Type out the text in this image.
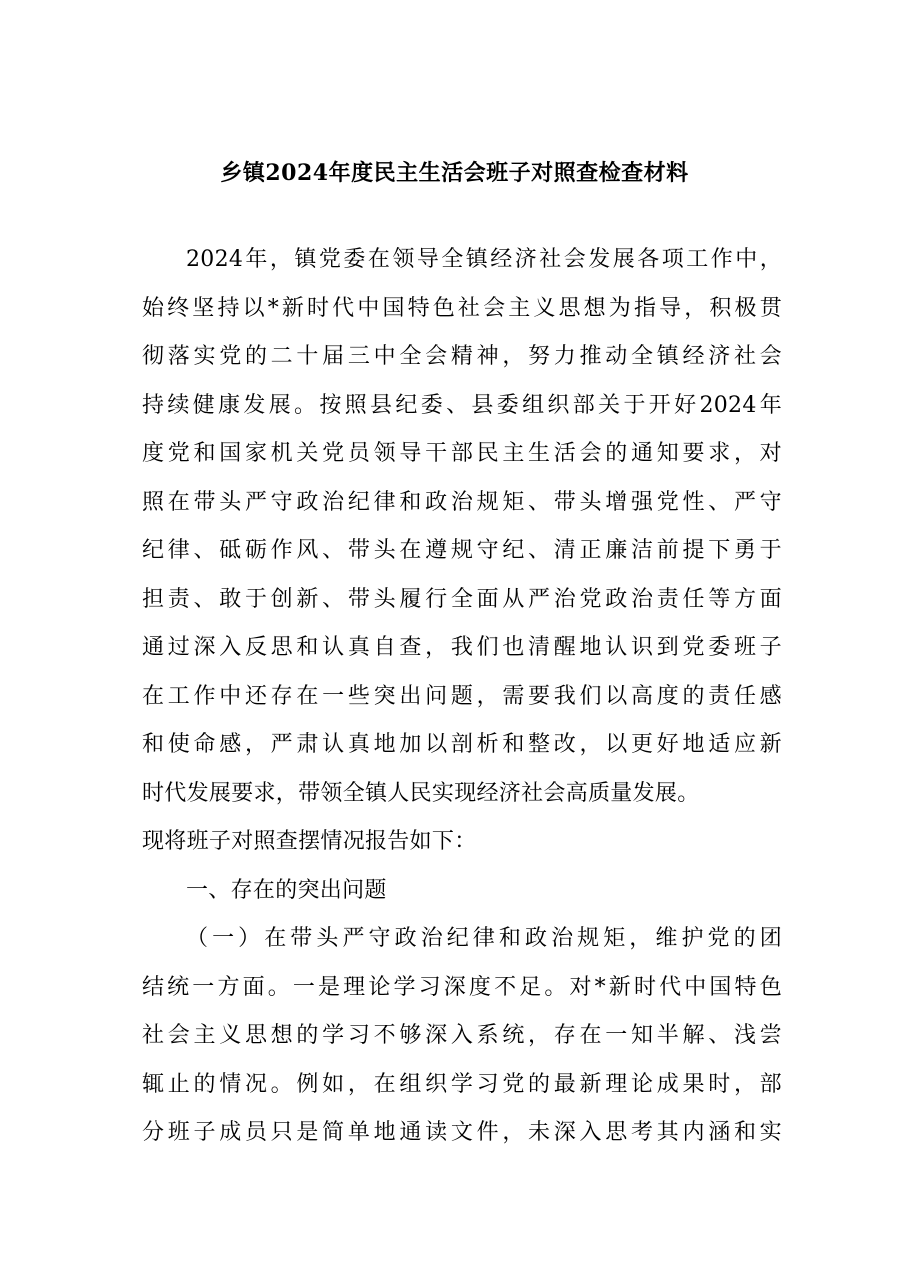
乡镇2024年度民主生活会班子对照查检查材料
2024年，镇党委在领导全镇经济社会发展各项工作中，
始终坚持以*新时代中国特色社会主义思想为指导，积极贯
彻落实党的二十届三中全会精神，努力推动全镇经济社会
持续健康发展。按照县纪委、县委组织部关于开好2024年
度党和国家机关党员领导干部民主生活会的通知要求，对
照在带头严守政治纪律和政治规矩、带头增强党性、严守
纪律、砥砺作风、带头在遵规守纪、清正廉洁前提下勇于
担责、敢于创新、带头履行全面从严治党政治责任等方面
通过深入反思和认真自查，我们也清醒地认识到党委班子
在工作中还存在一些突出问题，需要我们以高度的责任感
和使命感，严肃认真地加以剖析和整改，以更好地适应新
时代发展要求，带领全镇人民实现经济社会高质量发展。
现将班子对照查摆情况报告如下：
一、存在的突出问题
（一）在带头严守政治纪律和政治规矩，维护党的团
结统一方面。一是理论学习深度不足。对*新时代中国特色
社会主义思想的学习不够深入系统，存在一知半解、浅尝
辄止的情况。例如，在组织学习党的最新理论成果时，部
分班子成员只是简单地通读文件，未深入思考其内涵和实
